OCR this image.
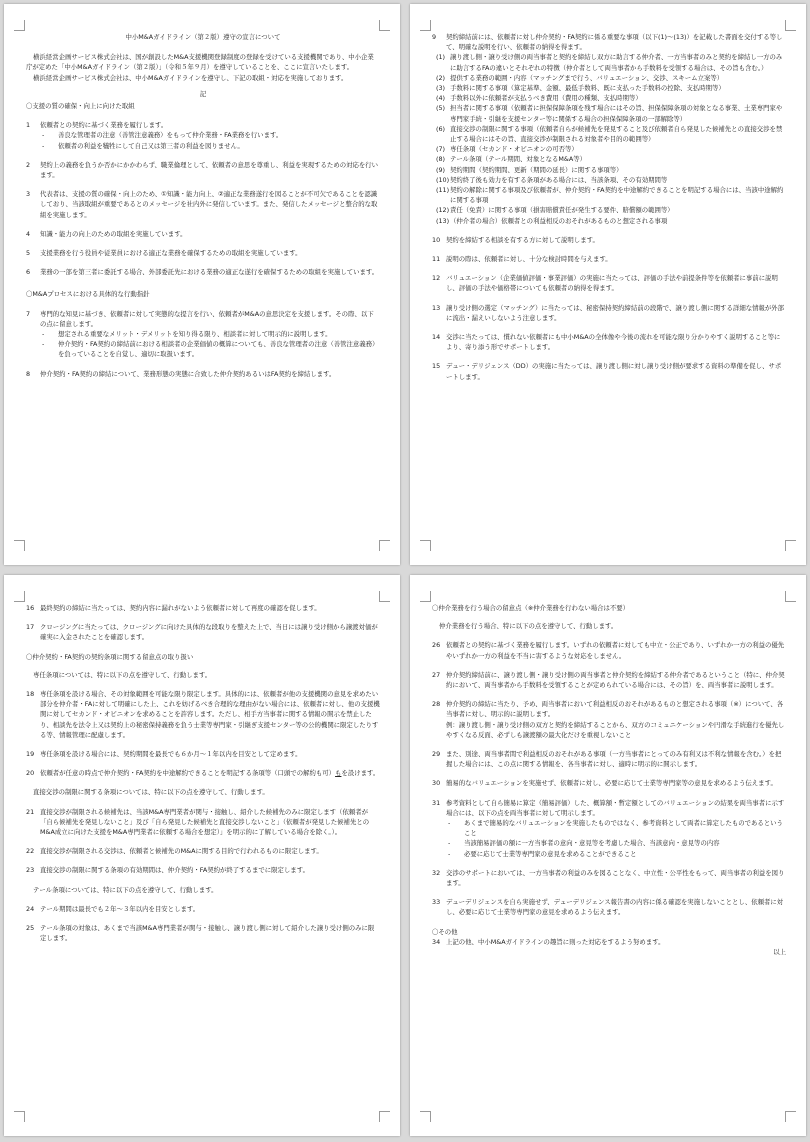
中小M&Aガイドライン（第２版）遵守の宣言について

横浜経営企画サービス株式会社は、国が創設したM&A支援機関登録制度の登録を受けている支援機関であり、中小企業庁が定めた「中小M&Aガイドライン（第２版）」（令和５年９月）を遵守していることを、ここに宣言いたします。

横浜経営企画サービス株式会社は、中小M&Aガイドラインを遵守し、下記の取組・対応を実施しております。

記

〇支援の質の確保・向上に向けた取組

1	依頼者との契約に基づく業務を履行します。

-	善良な管理者の注意（善管注意義務）をもって仲介業務・FA業務を行います。
-	依頼者の利益を犠牲にして自己又は第三者の利益を図りません。
2	契約上の義務を負うか否かにかかわらず、職業倫理として、依頼者の意思を尊重し、利益を実現するための対応を行います。

3	代表者は、支援の質の確保・向上のため、①知識・能力向上、②適正な業務遂行を図ることが不可欠であることを認識しており、当該取組が重要であるとのメッセージを社内外に発信しています。また、発信したメッセージと整合的な取組を実施します。

4	知識・能力の向上のための取組を実施しています。

5	支援業務を行う役員や従業員における適正な業務を確保するための取組を実施しています。

6	業務の一部を第三者に委託する場合、外部委託先における業務の適正な遂行を確保するための取組を実施しています。

〇M&Aプロセスにおける具体的な行動指針

7	専門的な知見に基づき、依頼者に対して実態的な提言を行い、依頼者がM&Aの意思決定を支援します。その際、以下の点に留意します。

-	想定される重要なメリット・デメリットを知り得る限り、相談者に対して明示的に説明します。
-	仲介契約・FA契約の締結前における相談者の企業価値の概算についても、善良な管理者の注意（善管注意義務）を負っていることを自覚し、適切に取扱います。
8	仲介契約・FA契約の締結について、業務形態の実態に合致した仲介契約あるいはFA契約を締結します。

9	契約締結前には、依頼者に対し仲介契約・FA契約に係る重要な事項（以下(1)〜(13)）を記載した書面を交付する等して、明確な説明を行い、依頼者の納得を得ます。

(1) 譲り渡し側・譲り受け側の両当事者と契約を締結し双方に助言する仲介者、一方当事者のみと契約を締結し一方のみに助言するFAの違いとそれぞれの特徴（仲介者として両当事者から手数料を受領する場合は、その旨も含む。）
(2) 提供する業務の範囲・内容（マッチングまで行う、バリュエーション、交渉、スキーム立案等）
(3) 手数料に関する事項（算定基準、金額、最低手数料、既に支払った手数料の控除、支払時期等）
(4) 手数料以外に依頼者が支払うべき費用（費用の種類、支払時期等）
(5) 担当者に関する事項（依頼者に担保保障条項を残す場合にはその旨、担保保障条項の対象となる事業、土業専門家や専門家手続・引継を支援センター等に関係する場合の担保保障条項の一部解除等）
(6) 直接交渉の制限に関する事項（依頼者自らが候補先を発見すること及び依頼者自ら発見した候補先との直接交渉を禁止する場合にはその旨、直接交渉が制限される対象者や目的の範囲等）
(7) 専任条項（セカンド・オピニオンの可否等）
(8) テール条項（テール期間、対象となるM&A等）
(9) 契約期間（契約期間、更新（期間の延長）に関する事項等）
(10) 契約終了後も効力を有する条項がある場合には、当該条項、その有効期間等
(11) 契約の解除に関する事項及び依頼者が、仲介契約・FA契約を中途解約できることを明記する場合には、当該中途解約に関する事項
(12) 責任（免責）に関する事項（損害賠償責任が発生する要件、賠償額の範囲等）
(13) （仲介者の場合）依頼者との利益相反のおそれがあるものと想定される事項
10 契約を締結する相談を有する方に対して説明します。

11 説明の際は、依頼者に対し、十分な検討時間を与えます。

12 バリュエーション（企業価値評価・事業評価）の実施に当たっては、評価の手法や前提条件等を依頼者に事前に説明し、評価の手法や価格帯についても依頼者の納得を得ます。

13 譲り受け側の選定（マッチング）に当たっては、秘密保持契約締結前の段階で、譲り渡し側に関する詳細な情報が外部に流出・漏えいしないよう注意します。

14 交渉に当たっては、慣れない依頼者にも中小M&Aの全体像や今後の流れを可能な限り分かりやすく説明すること等により、寄り添う形でサポートします。

15 デュー・デリジェンス（DD）の実施に当たっては、譲り渡し側に対し譲り受け側が要求する資料の準備を促し、サポートします。

16 最終契約の締結に当たっては、契約内容に漏れがないよう依頼者に対して再度の確認を促します。

17 クロージングに当たっては、クロージングに向けた具体的な段取りを整えた上で、当日には譲り受け側から譲渡対価が確実に入金されたことを確認します。

〇仲介契約・FA契約の契約条項に関する留意点の取り扱い

専任条項については、特に以下の点を遵守して、行動します。

18 専任条項を設ける場合、その対象範囲を可能な限り限定します。具体的には、依頼者が他の支援機関の意見を求めたい部分を仲介者・FAに対して明確にした上、これを妨げるべき合理的な理由がない場合には、依頼者に対し、他の支援機関に対してセカンド・オピニオンを求めることを許容します。ただし、相手方当事者に関する情報の開示を禁止したり、相談先を法令上又は契約上の秘密保持義務を負う士業等専門家・引継ぎ支援センター等の公的機関に限定したりする等、情報管理に配慮します。

19 専任条項を設ける場合には、契約期間を最長でも６か月〜１年以内を目安として定めます。

20 依頼者が任意の時点で仲介契約・FA契約を中途解約できることを明記する条項等（口頭での解約も可）もを設けます。

直接交渉の制限に関する条項については、特に以下の点を遵守して、行動します。

21 直接交渉が制限される候補先は、当該M&A専門業者が関与・接触し、紹介した候補先のみに限定します（依頼者が「自ら候補先を発見しないこと」及び「自ら発見した候補先と直接交渉しないこと」（依頼者が発見した候補先とのM&A成立に向けた支援をM&A専門業者に依頼する場合を想定）」を明示的に了解している場合を除く。）。

22 直接交渉が制限される交渉は、依頼者と候補先のM&Aに関する目的で行われるものに限定します。

23 直接交渉の制限に関する条項の有効期間は、仲介契約・FA契約が終了するまでに限定します。

テール条項については、特に以下の点を遵守して、行動します。

24 テール期間は最長でも２年〜３年以内を目安とします。

25 テール条項の対象は、あくまで当該M&A専門業者が関与・接触し、譲り渡し側に対して紹介した譲り受け側のみに限定します。

〇仲介業務を行う場合の留意点（※仲介業務を行わない場合は不要）

仲介業務を行う場合、特に以下の点を遵守して、行動します。

26 依頼者との契約に基づく業務を履行します。いずれの依頼者に対しても中立・公正であり、いずれか一方の利益の優先やいずれか一方の利益を不当に害するような対応をしません。

27 仲介契約締結前に、譲り渡し側・譲り受け側の両当事者と仲介契約を締結する仲介者であるということ（特に、仲介契約において、両当事者から手数料を受領することが定められている場合には、その旨）を、両当事者に説明します。

28 仲介契約の締結に当たり、予め、両当事者において利益相反のおそれがあるものと想定される事項（※）について、各当事者に対し、明示的に説明します。

例：譲り渡し側・譲り受け側の双方と契約を締結することから、双方のコミュニケーションや円滑な手続進行を優先しやすくなる反面、必ずしも譲渡額の最大化だけを重視しないこと

29 また、別途、両当事者間で利益相反のおそれがある事項（一方当事者にとってのみ有利又は不利な情報を含む。）を把握した場合には、この点に関する情報を、各当事者に対し、適時に明示的に開示します。

30 簡易的なバリュエーションを実施せず、依頼者に対し、必要に応じて士業等専門家等の意見を求めるよう伝えます。

31 参考資料として自ら簡易に算定（簡易評価）した、概算額・暫定額としてのバリュエーションの結果を両当事者に示す場合には、以下の点を両当事者に対して明示します。

-	あくまで簡易的なバリュエーションを実施したものではなく、参考資料として両者に算定したものであるということ
-	当該簡易評価の額に一方当事者の意向・意見等を考慮した場合、当該意向・意見等の内容
-	必要に応じて士業等専門家の意見を求めることができること
32 交渉のサポートにおいては、一方当事者の利益のみを図ることなく、中立性・公平性をもって、両当事者の利益を図ります。

33 デューデリジェンスを自ら実施せず、デューデリジェンス報告書の内容に係る確認を実施しないこととし、依頼者に対し、必要に応じて士業等専門家の意見を求めるよう伝えます。

〇その他

34 上記の他、中小M&Aガイドラインの趣旨に則った対応をするよう努めます。

以上
